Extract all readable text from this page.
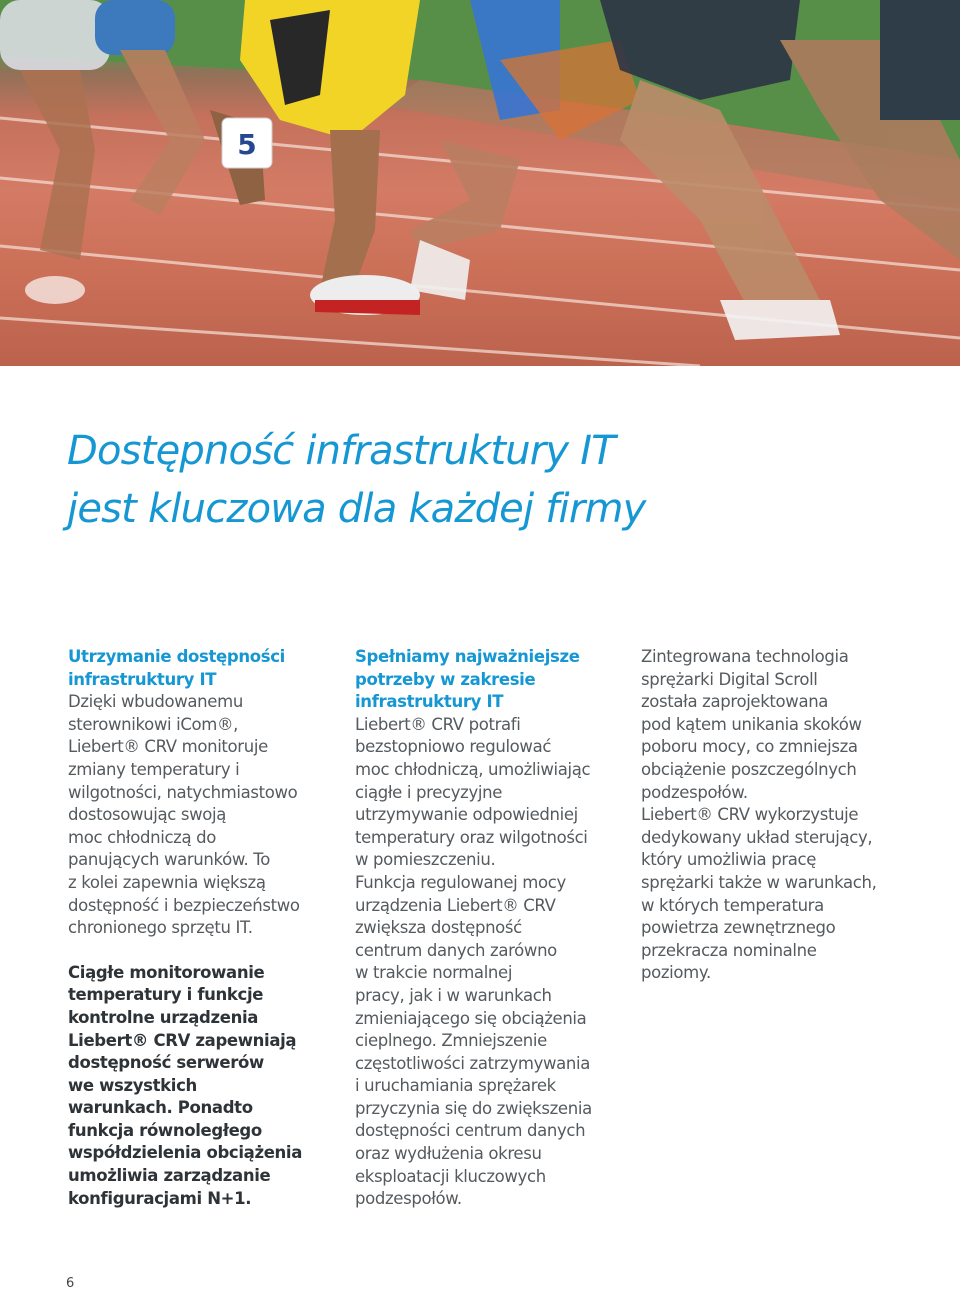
5
Dostępność infrastruktury IT
jest kluczowa dla każdej firmy
Utrzymanie dostępności
infrastruktury IT
Dzięki wbudowanemu
sterownikowi iCom®,
Liebert® CRV monitoruje
zmiany temperatury i
wilgotności, natychmiastowo
dostosowując swoją
moc chłodniczą do
panujących warunków. To
z kolei zapewnia większą
dostępność i bezpieczeństwo
chronionego sprzętu IT.
Ciągłe monitorowanie
temperatury i funkcje
kontrolne urządzenia
Liebert® CRV zapewniają
dostępność serwerów
we wszystkich
warunkach. Ponadto
funkcja równoległego
współdzielenia obciążenia
umożliwia zarządzanie
konfiguracjami N+1.
Spełniamy najważniejsze
potrzeby w zakresie
infrastruktury IT
Liebert® CRV potrafi
bezstopniowo regulować
moc chłodniczą, umożliwiając
ciągłe i precyzyjne
utrzymywanie odpowiedniej
temperatury oraz wilgotności
w pomieszczeniu.
Funkcja regulowanej mocy
urządzenia Liebert® CRV
zwiększa dostępność
centrum danych zarówno
w trakcie normalnej
pracy, jak i w warunkach
zmieniającego się obciążenia
cieplnego. Zmniejszenie
częstotliwości zatrzymywania
i uruchamiania sprężarek
przyczynia się do zwiększenia
dostępności centrum danych
oraz wydłużenia okresu
eksploatacji kluczowych
podzespołów.
Zintegrowana technologia
sprężarki Digital Scroll
została zaprojektowana
pod kątem unikania skoków
poboru mocy, co zmniejsza
obciążenie poszczególnych
podzespołów.
Liebert® CRV wykorzystuje
dedykowany układ sterujący,
który umożliwia pracę
sprężarki także w warunkach,
w których temperatura
powietrza zewnętrznego
przekracza nominalne
poziomy.
6
